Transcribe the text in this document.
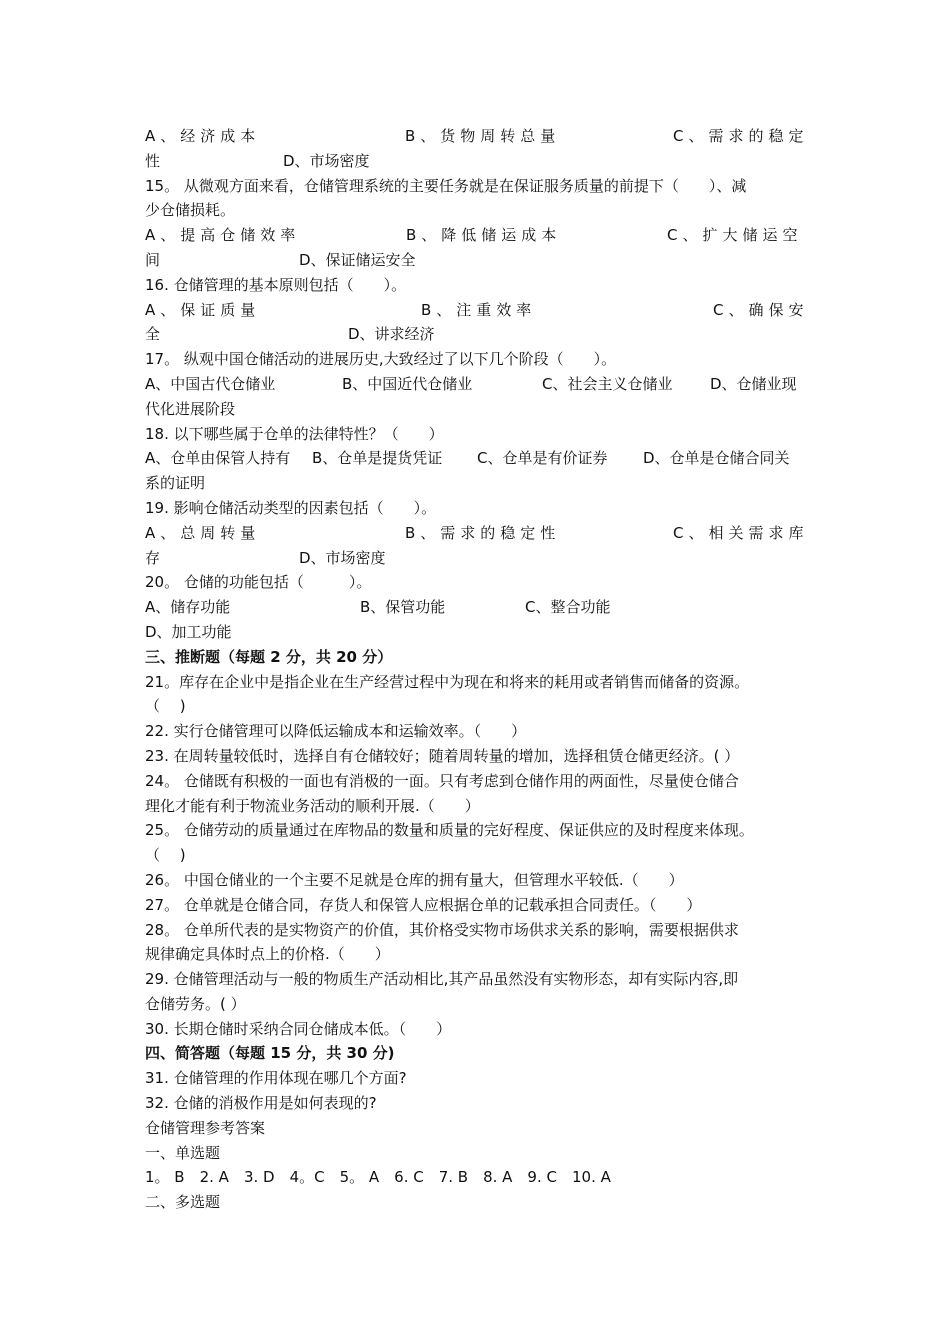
A、经济成本	B、货物周转总量	C、需求的稳定
性	D、市场密度
15。 从微观方面来看，仓储管理系统的主要任务就是在保证服务质量的前提下（　　）、减
少仓储损耗。
A、提高仓储效率	B、降低储运成本	C、扩大储运空
间	D、保证储运安全
16. 仓储管理的基本原则包括（　　）。
A、保证质量	B、注重效率	C、确保安
全	D、讲求经济
17。 纵观中国仓储活动的进展历史,大致经过了以下几个阶段（　　）。
A、中国古代仓储业	B、中国近代仓储业	C、社会主义仓储业	D、仓储业现
代化进展阶段
18. 以下哪些属于仓单的法律特性？（　　）
A、仓单由保管人持有	B、仓单是提货凭证	C、仓单是有价证券	D、仓单是仓储合同关
系的证明
19. 影响仓储活动类型的因素包括（　　）。
A、总周转量	B、需求的稳定性	C、相关需求库
存	D、市场密度
20。 仓储的功能包括（　　　）。
A、储存功能	B、保管功能	C、整合功能
D、加工功能
三、推断题（每题 2 分，共 20 分）
21。库存在企业中是指企业在生产经营过程中为现在和将来的耗用或者销售而储备的资源。
（　 )
22. 实行仓储管理可以降低运输成本和运输效率。（　　）
23. 在周转量较低时，选择自有仓储较好；随着周转量的增加，选择租赁仓储更经济。( ）
24。 仓储既有积极的一面也有消极的一面。只有考虑到仓储作用的两面性，尽量使仓储合
理化才能有利于物流业务活动的顺利开展.（　　）
25。 仓储劳动的质量通过在库物品的数量和质量的完好程度、保证供应的及时程度来体现。
（　 )
26。 中国仓储业的一个主要不足就是仓库的拥有量大，但管理水平较低.（　　）
27。 仓单就是仓储合同，存货人和保管人应根据仓单的记载承担合同责任。（　　）
28。 仓单所代表的是实物资产的价值，其价格受实物市场供求关系的影响，需要根据供求
规律确定具体时点上的价格.（　　）
29. 仓储管理活动与一般的物质生产活动相比,其产品虽然没有实物形态，却有实际内容,即
仓储劳务。( ）
30. 长期仓储时采纳合同仓储成本低。（　　）
四、简答题（每题 15 分，共 30 分)
31. 仓储管理的作用体现在哪几个方面?
32. 仓储的消极作用是如何表现的?
仓储管理参考答案
一、单选题
1。 B　2. A　3. D　4。C　5。 A　6. C　7. B　8. A　9. C　10. A
二、多选题
